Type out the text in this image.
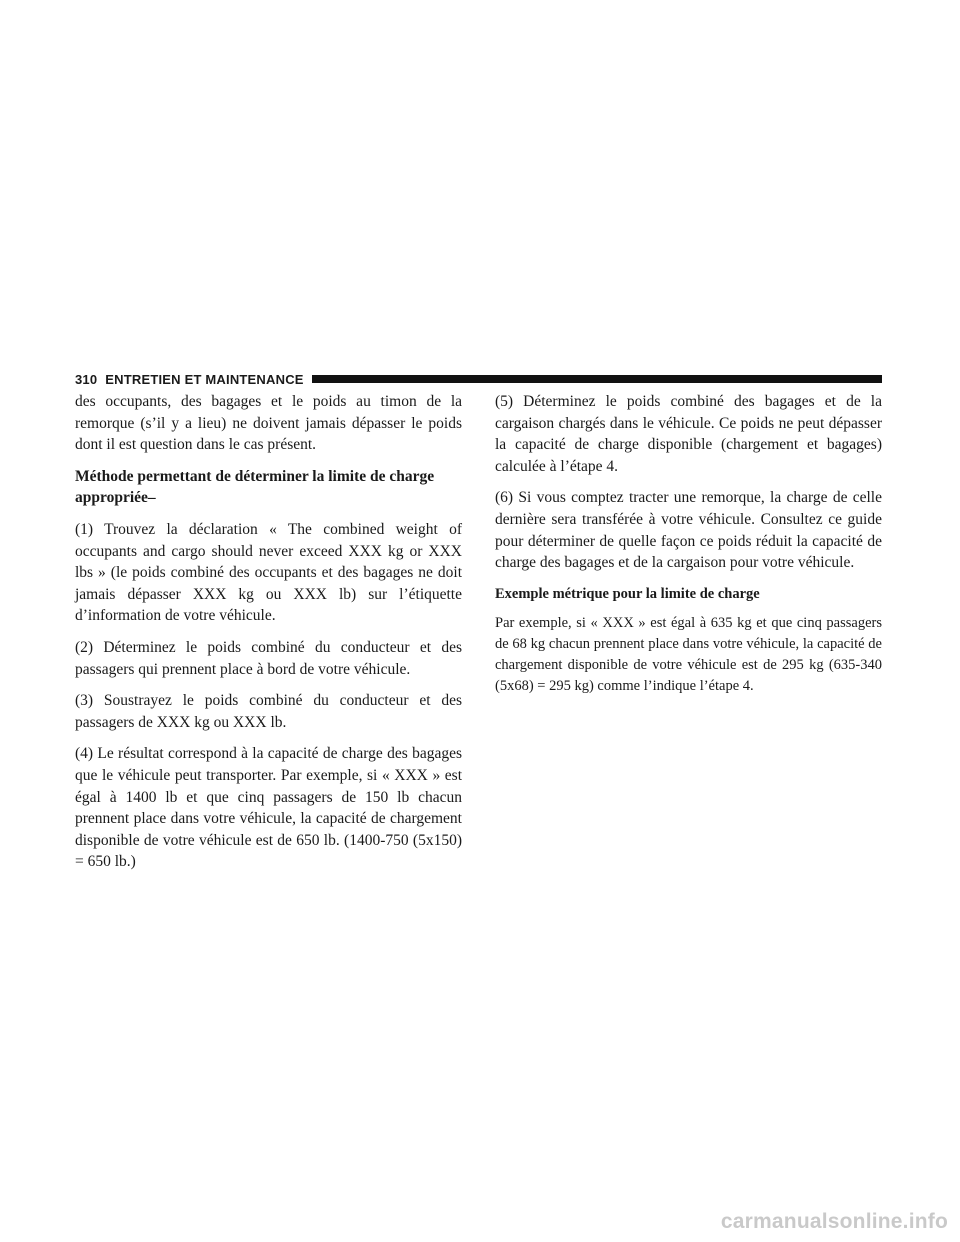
310 ENTRETIEN ET MAINTENANCE

des occupants, des bagages et le poids au timon de la remorque (s’il y a lieu) ne doivent jamais dépasser le poids dont il est question dans le cas présent.

Méthode permettant de déterminer la limite de charge appropriée–

(1) Trouvez la déclaration « The combined weight of occupants and cargo should never exceed XXX kg or XXX lbs » (le poids combiné des occupants et des bagages ne doit jamais dépasser XXX kg ou XXX lb) sur l’étiquette d’information de votre véhicule.

(2) Déterminez le poids combiné du conducteur et des passagers qui prennent place à bord de votre véhicule.

(3) Soustrayez le poids combiné du conducteur et des passagers de XXX kg ou XXX lb.

(4) Le résultat correspond à la capacité de charge des bagages que le véhicule peut transporter. Par exemple, si « XXX » est égal à 1400 lb et que cinq passagers de 150 lb chacun prennent place dans votre véhicule, la capacité de chargement disponible de votre véhicule est de 650 lb. (1400-750 (5x150) = 650 lb.)

(5) Déterminez le poids combiné des bagages et de la cargaison chargés dans le véhicule. Ce poids ne peut dépasser la capacité de charge disponible (chargement et bagages) calculée à l’étape 4.

(6) Si vous comptez tracter une remorque, la charge de celle dernière sera transférée à votre véhicule. Consultez ce guide pour déterminer de quelle façon ce poids réduit la capacité de charge des bagages et de la cargaison pour votre véhicule.

Exemple métrique pour la limite de charge

Par exemple, si « XXX » est égal à 635 kg et que cinq passagers de 68 kg chacun prennent place dans votre véhicule, la capacité de chargement disponible de votre véhicule est de 295 kg (635-340 (5x68) = 295 kg) comme l’indique l’étape 4.

carmanualsonline.info
